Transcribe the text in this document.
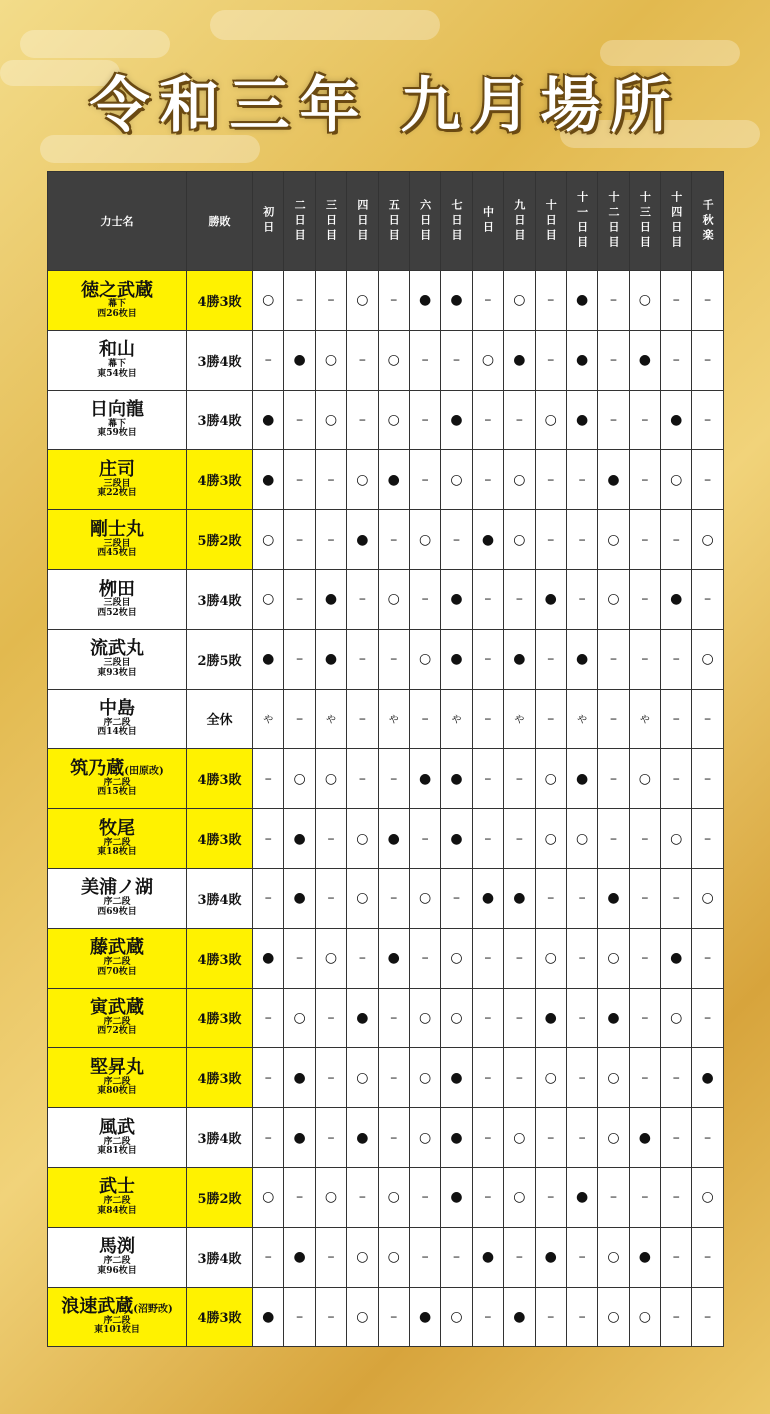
令和三年 九月場所
力士名	勝敗	初日	二日目	三日目	四日目	五日目	六日目	七日目	中日	九日目	十日目	十一日目	十二日目	十三日目	十四日目	千秋楽

徳之武蔵
幕下
西26枚目	4勝3敗	○	–	–	○	–	●	●	–	○	–	●	–	○	–	–

和山
幕下
東54枚目	3勝4敗	–	●	○	–	○	–	–	○	●	–	●	–	●	–	–

日向龍
幕下
東59枚目	3勝4敗	●	–	○	–	○	–	●	–	–	○	●	–	–	●	–

庄司
三段目
東22枚目	4勝3敗	●	–	–	○	●	–	○	–	○	–	–	●	–	○	–

剛士丸
三段目
西45枚目	5勝2敗	○	–	–	●	–	○	–	●	○	–	–	○	–	–	○

栁田
三段目
西52枚目	3勝4敗	○	–	●	–	○	–	●	–	–	●	–	○	–	●	–

流武丸
三段目
東93枚目	2勝5敗	●	–	●	–	–	○	●	–	●	–	●	–	–	–	○

中島
序二段
西14枚目	全休	や	–	や	–	や	–	や	–	や	–	や	–	や	–	–

筑乃蔵(田原改)
序二段
西15枚目	4勝3敗	–	○	○	–	–	●	●	–	–	○	●	–	○	–	–

牧尾
序二段
東18枚目	4勝3敗	–	●	–	○	●	–	●	–	–	○	○	–	–	○	–

美浦ノ湖
序二段
西69枚目	3勝4敗	–	●	–	○	–	○	–	●	●	–	–	●	–	–	○

藤武蔵
序二段
西70枚目	4勝3敗	●	–	○	–	●	–	○	–	–	○	–	○	–	●	–

寅武蔵
序二段
西72枚目	4勝3敗	–	○	–	●	–	○	○	–	–	●	–	●	–	○	–

堅昇丸
序二段
東80枚目	4勝3敗	–	●	–	○	–	○	●	–	–	○	–	○	–	–	●

風武
序二段
東81枚目	3勝4敗	–	●	–	●	–	○	●	–	○	–	–	○	●	–	–

武士
序二段
東84枚目	5勝2敗	○	–	○	–	○	–	●	–	○	–	●	–	–	–	○

馬渕
序二段
東96枚目	3勝4敗	–	●	–	○	○	–	–	●	–	●	–	○	●	–	–

浪速武蔵(沼野改)
序二段
東101枚目	4勝3敗	●	–	–	○	–	●	○	–	●	–	–	○	○	–	–
